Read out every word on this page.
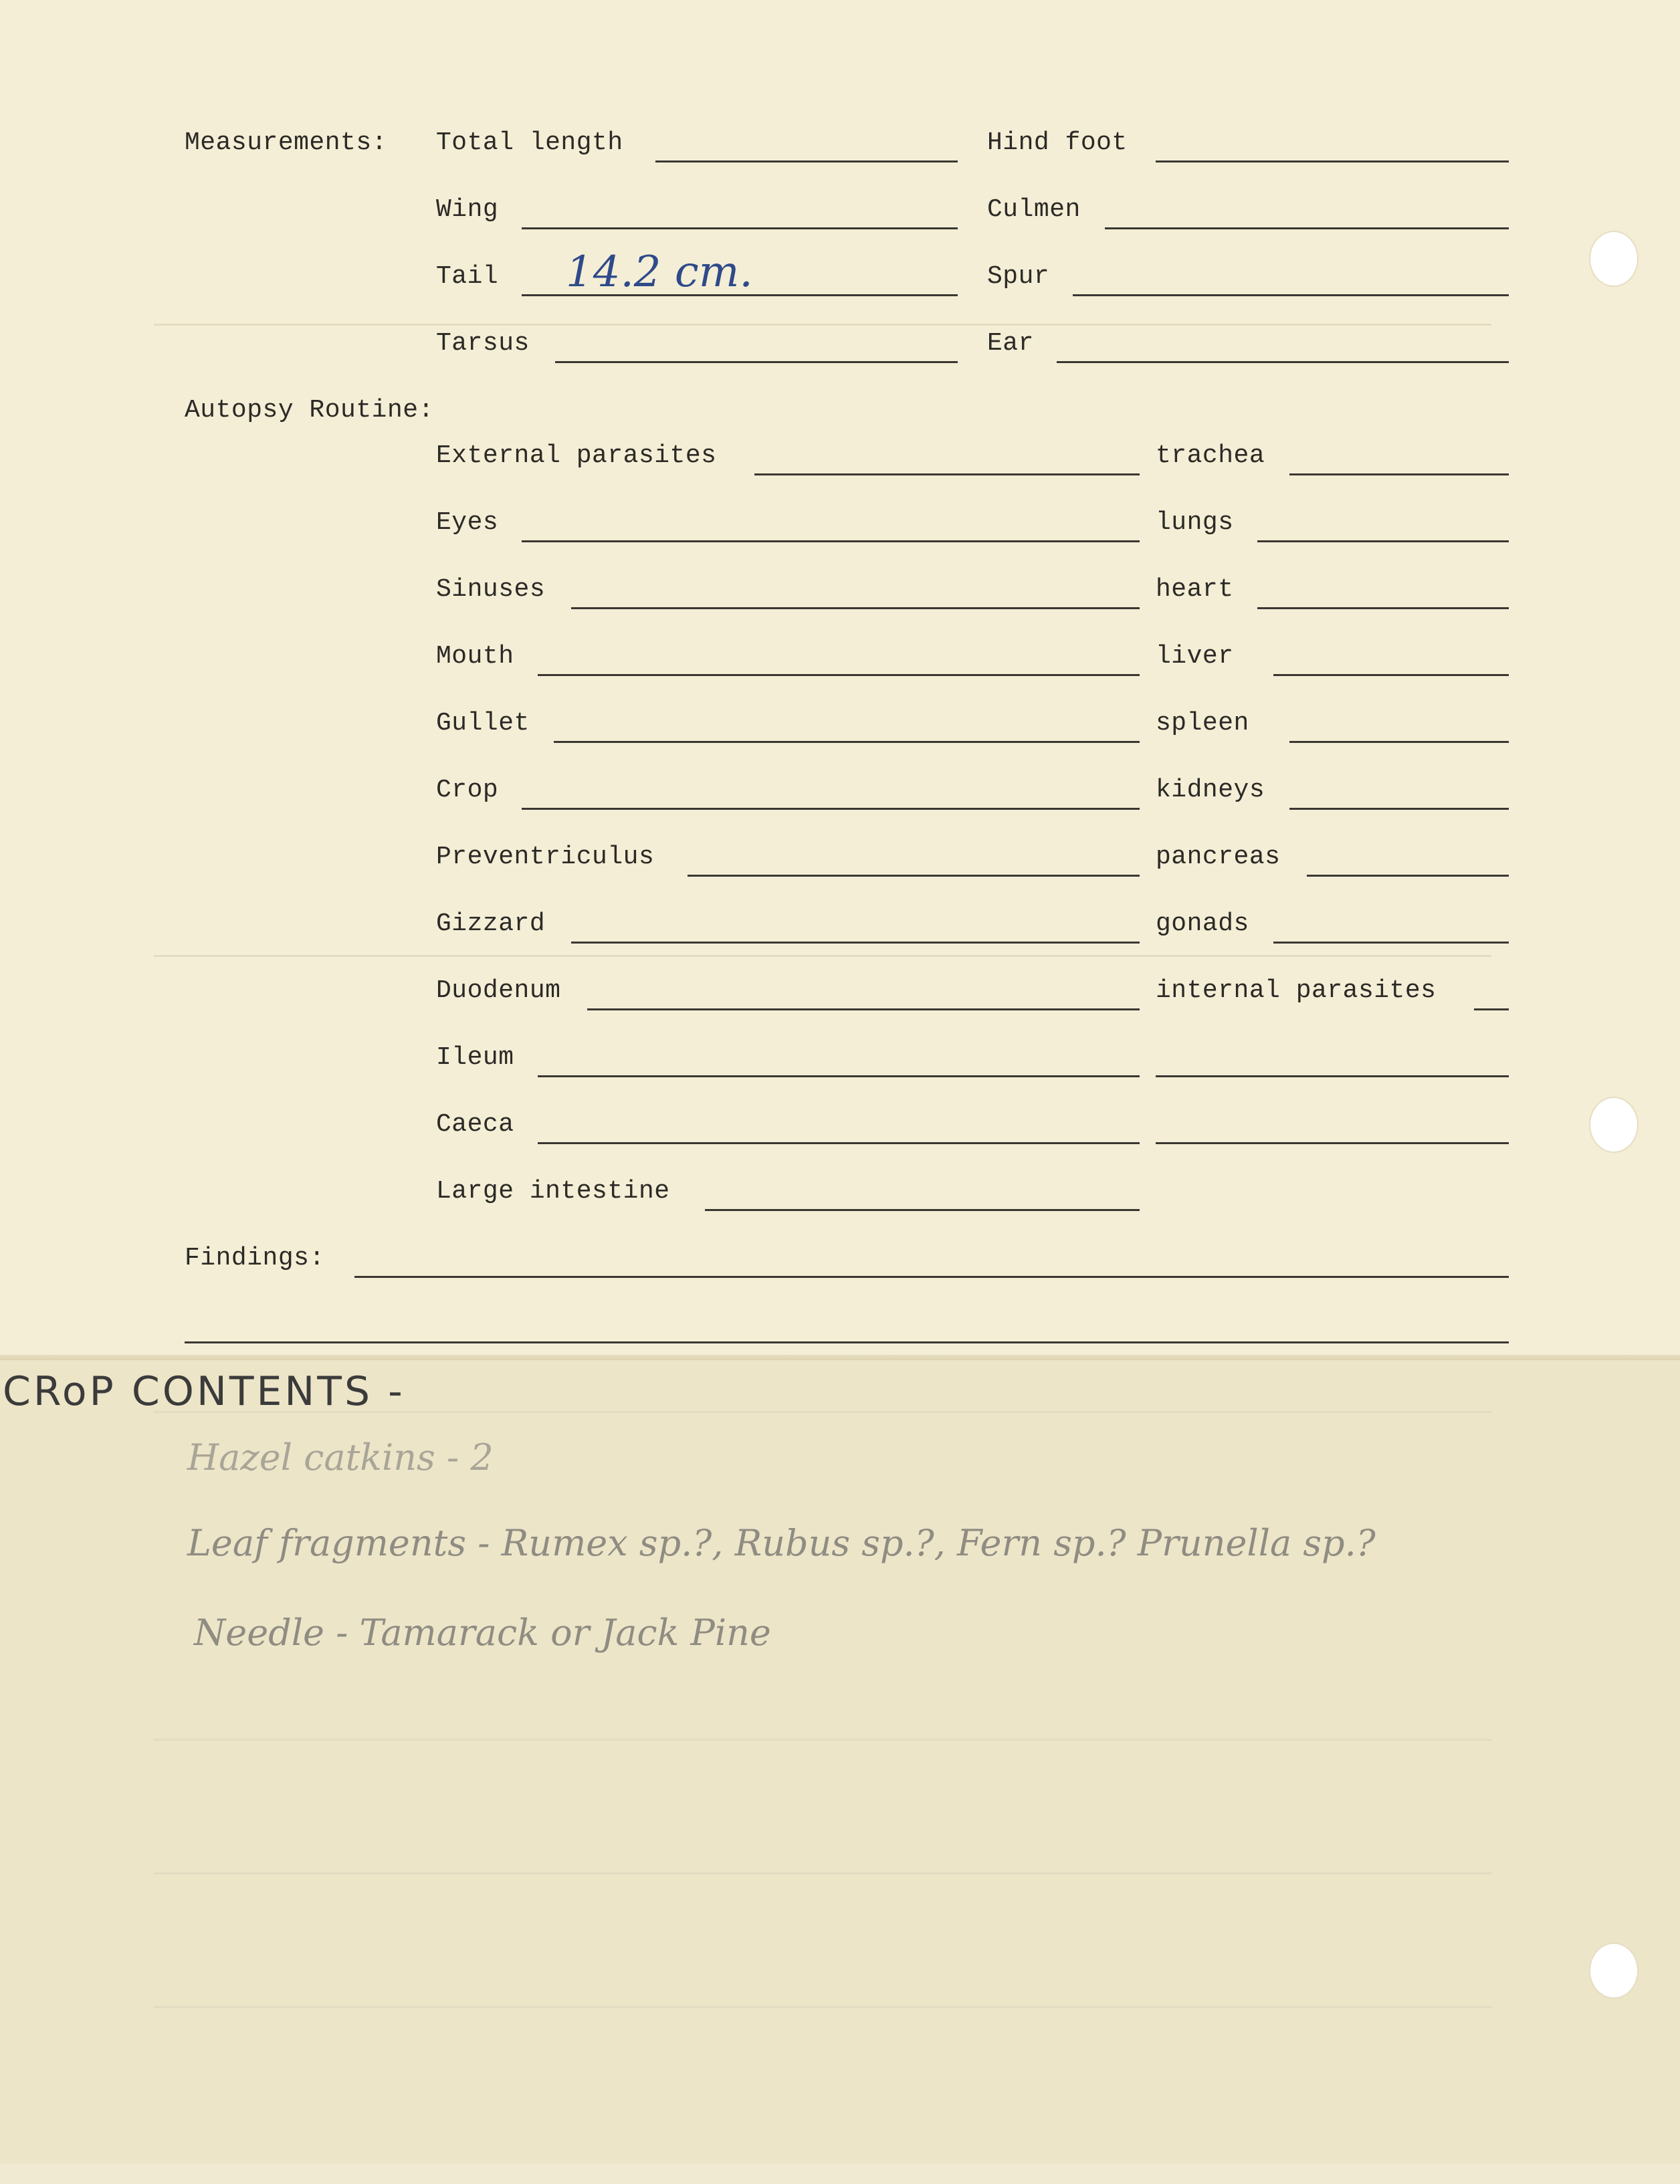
Measurements: Total length	Hind foot
Wing	Culmen
Tail 14.2 cm.	Spur
Tarsus	Ear
Autopsy Routine:
External parasites	trachea
Eyes	lungs
Sinuses	heart
Mouth	liver
Gullet	spleen
Crop	kidneys
Preventriculus	pancreas
Gizzard	gonads
Duodenum	internal parasites
Ileum
Caeca
Large intestine
Findings:
CRoP CONTENTS -
Hazel catkins - 2
Leaf fragments - Rumex sp.?, Rubus sp.?, Fern sp.? Prunella sp.?
Needle - Tamarack or Jack Pine
